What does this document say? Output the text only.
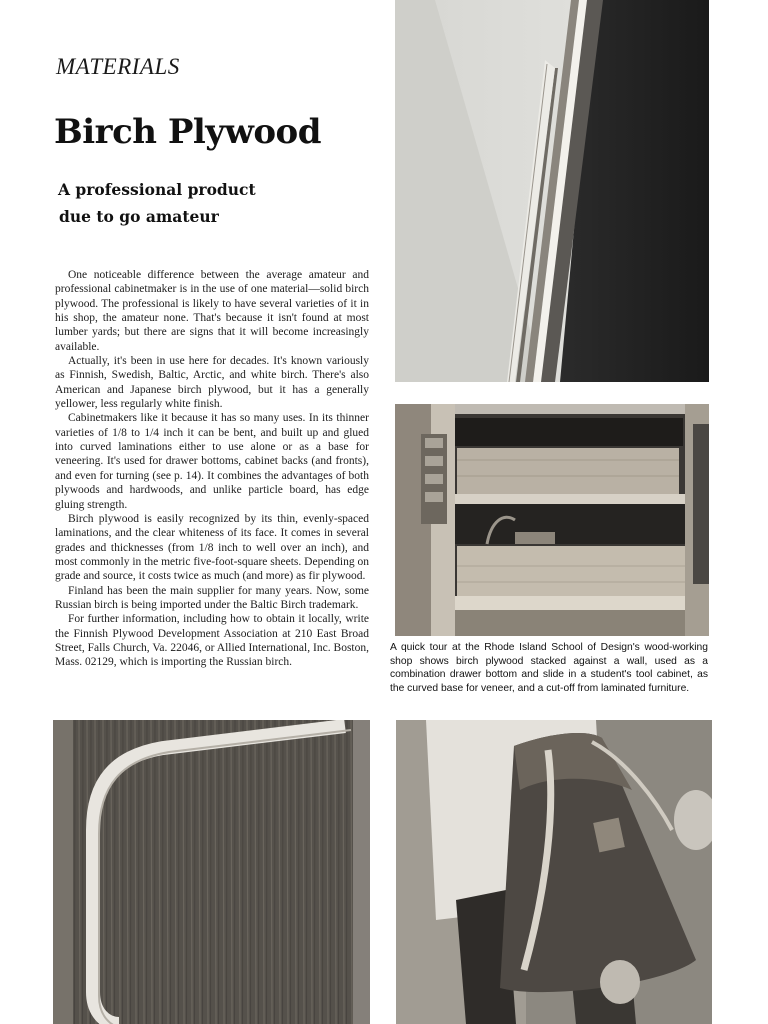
MATERIALS
Birch Plywood
A professional product
due to go amateur

One noticeable difference between the average amateur and professional cabinetmaker is in the use of one material—solid birch plywood. The professional is likely to have several varieties of it in his shop, the amateur none. That's because it isn't found at most lumber yards; but there are signs that it will become increasingly available.

Actually, it's been in use here for decades. It's known variously as Finnish, Swedish, Baltic, Arctic, and white birch. There's also American and Japanese birch plywood, but it has a generally yellower, less regularly white finish.

Cabinetmakers like it because it has so many uses. In its thinner varieties of 1/8 to 1/4 inch it can be bent, and built up and glued into curved laminations either to use alone or as a base for veneering. It's used for drawer bottoms, cabinet backs (and fronts), and even for turning (see p. 14). It combines the advantages of both plywoods and hardwoods, and unlike particle board, has edge gluing strength.

Birch plywood is easily recognized by its thin, evenly-spaced laminations, and the clear whiteness of its face. It comes in several grades and thicknesses (from 1/8 inch to well over an inch), and most commonly in the metric five-foot-square sheets. Depending on grade and source, it costs twice as much (and more) as fir plywood.

Finland has been the main supplier for many years. Now, some Russian birch is being imported under the Baltic Birch trademark.

For further information, including how to obtain it locally, write the Finnish Plywood Development Association at 210 East Broad Street, Falls Church, Va. 22046, or Allied International, Inc. Boston, Mass. 02129, which is importing the Russian birch.

A quick tour at the Rhode Island School of Design's wood-working shop shows birch plywood stacked against a wall, used as a combination drawer bottom and slide in a student's tool cabinet, as the curved base for veneer, and a cut-off from laminated furniture.
